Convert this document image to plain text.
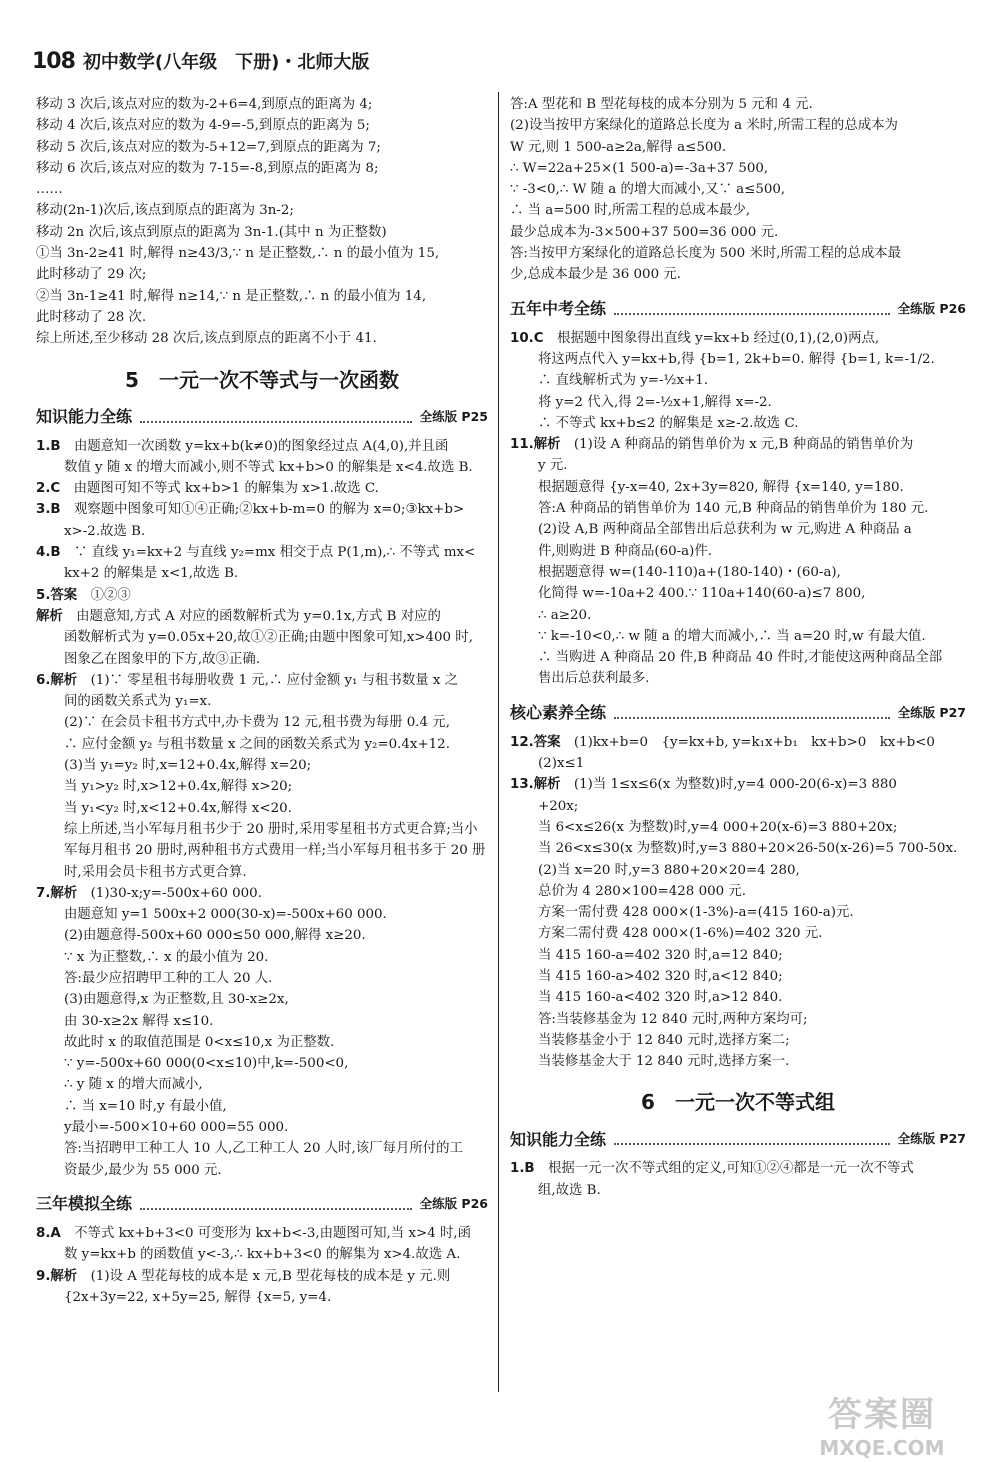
108 初中数学(八年级　下册)・北师大版
移动 3 次后,该点对应的数为-2+6=4,到原点的距离为 4;
移动 4 次后,该点对应的数为 4-9=-5,到原点的距离为 5;
移动 5 次后,该点对应的数为-5+12=7,到原点的距离为 7;
移动 6 次后,该点对应的数为 7-15=-8,到原点的距离为 8;
……
移动(2n-1)次后,该点到原点的距离为 3n-2;
移动 2n 次后,该点到原点的距离为 3n-1.(其中 n 为正整数)
①当 3n-2≥41 时,解得 n≥43/3,∵ n 是正整数,∴ n 的最小值为 15,
此时移动了 29 次;
②当 3n-1≥41 时,解得 n≥14,∵ n 是正整数,∴ n 的最小值为 14,
此时移动了 28 次.
综上所述,至少移动 28 次后,该点到原点的距离不小于 41.
5　一元一次不等式与一次函数
知识能力全练	全练版 P25
1.B　 由题意知一次函数 y=kx+b(k≠0)的图象经过点 A(4,0),并且函
数值 y 随 x 的增大而减小,则不等式 kx+b>0 的解集是 x<4.故选 B.
2.C　 由题图可知不等式 kx+b>1 的解集为 x>1.故选 C.
3.B　 观察题中图象可知①④正确;②kx+b-m=0 的解为 x=0;③kx+b>
x>-2.故选 B.
4.B　 ∵ 直线 y₁=kx+2 与直线 y₂=mx 相交于点 P(1,m),∴ 不等式 mx<
kx+2 的解集是 x<1,故选 B.
5.答案　 ①②③
解析　 由题意知,方式 A 对应的函数解析式为 y=0.1x,方式 B 对应的
函数解析式为 y=0.05x+20,故①②正确;由题中图象可知,x>400 时,
图象乙在图象甲的下方,故③正确.
6.解析　 (1)∵ 零星租书每册收费 1 元,∴ 应付金额 y₁ 与租书数量 x 之
间的函数关系式为 y₁=x.
(2)∵ 在会员卡租书方式中,办卡费为 12 元,租书费为每册 0.4 元,
∴ 应付金额 y₂ 与租书数量 x 之间的函数关系式为 y₂=0.4x+12.
(3)当 y₁=y₂ 时,x=12+0.4x,解得 x=20;
当 y₁>y₂ 时,x>12+0.4x,解得 x>20;
当 y₁<y₂ 时,x<12+0.4x,解得 x<20.
综上所述,当小军每月租书少于 20 册时,采用零星租书方式更合算;当小
军每月租书 20 册时,两种租书方式费用一样;当小军每月租书多于 20 册
时,采用会员卡租书方式更合算.
7.解析　 (1)30-x;y=-500x+60 000.
由题意知 y=1 500x+2 000(30-x)=-500x+60 000.
(2)由题意得-500x+60 000≤50 000,解得 x≥20.
∵ x 为正整数,∴ x 的最小值为 20.
答:最少应招聘甲工种的工人 20 人.
(3)由题意得,x 为正整数,且 30-x≥2x,
由 30-x≥2x 解得 x≤10.
故此时 x 的取值范围是 0<x≤10,x 为正整数.
∵ y=-500x+60 000(0<x≤10)中,k=-500<0,
∴ y 随 x 的增大而减小,
∴ 当 x=10 时,y 有最小值,
y最小=-500×10+60 000=55 000.
答:当招聘甲工种工人 10 人,乙工种工人 20 人时,该厂每月所付的工
资最少,最少为 55 000 元.
三年模拟全练	全练版 P26
8.A　 不等式 kx+b+3<0 可变形为 kx+b<-3,由题图可知,当 x>4 时,函
数 y=kx+b 的函数值 y<-3,∴ kx+b+3<0 的解集为 x>4.故选 A.
9.解析　 (1)设 A 型花每枝的成本是 x 元,B 型花每枝的成本是 y 元.则
{2x+3y=22, x+5y=25, 解得 {x=5, y=4.
答:A 型花和 B 型花每枝的成本分别为 5 元和 4 元.
(2)设当按甲方案绿化的道路总长度为 a 米时,所需工程的总成本为
W 元,则 1 500-a≥2a,解得 a≤500.
∴ W=22a+25×(1 500-a)=-3a+37 500,
∵ -3<0,∴ W 随 a 的增大而减小,又∵ a≤500,
∴ 当 a=500 时,所需工程的总成本最少,
最少总成本为-3×500+37 500=36 000 元.
答:当按甲方案绿化的道路总长度为 500 米时,所需工程的总成本最
少,总成本最少是 36 000 元.
五年中考全练	全练版 P26
10.C　 根据题中图象得出直线 y=kx+b 经过(0,1),(2,0)两点,
将这两点代入 y=kx+b,得 {b=1, 2k+b=0. 解得 {b=1, k=-1/2.
∴ 直线解析式为 y=-½x+1.
将 y=2 代入,得 2=-½x+1,解得 x=-2.
∴ 不等式 kx+b≤2 的解集是 x≥-2.故选 C.
11.解析　 (1)设 A 种商品的销售单价为 x 元,B 种商品的销售单价为
y 元.
根据题意得 {y-x=40, 2x+3y=820, 解得 {x=140, y=180.
答:A 种商品的销售单价为 140 元,B 种商品的销售单价为 180 元.
(2)设 A,B 两种商品全部售出后总获利为 w 元,购进 A 种商品 a
件,则购进 B 种商品(60-a)件.
根据题意得 w=(140-110)a+(180-140)・(60-a),
化简得 w=-10a+2 400.∵ 110a+140(60-a)≤7 800,
∴ a≥20.
∵ k=-10<0,∴ w 随 a 的增大而减小,∴ 当 a=20 时,w 有最大值.
∴ 当购进 A 种商品 20 件,B 种商品 40 件时,才能使这两种商品全部
售出后总获利最多.
核心素养全练	全练版 P27
12.答案　 (1)kx+b=0　{y=kx+b, y=k₁x+b₁　kx+b>0　kx+b<0
(2)x≤1
13.解析　 (1)当 1≤x≤6(x 为整数)时,y=4 000-20(6-x)=3 880
+20x;
当 6<x≤26(x 为整数)时,y=4 000+20(x-6)=3 880+20x;
当 26<x≤30(x 为整数)时,y=3 880+20×26-50(x-26)=5 700-50x.
(2)当 x=20 时,y=3 880+20×20=4 280,
总价为 4 280×100=428 000 元.
方案一需付费 428 000×(1-3%)-a=(415 160-a)元.
方案二需付费 428 000×(1-6%)=402 320 元.
当 415 160-a=402 320 时,a=12 840;
当 415 160-a>402 320 时,a<12 840;
当 415 160-a<402 320 时,a>12 840.
答:当装修基金为 12 840 元时,两种方案均可;
当装修基金小于 12 840 元时,选择方案二;
当装修基金大于 12 840 元时,选择方案一.
6　一元一次不等式组
知识能力全练	全练版 P27
1.B　 根据一元一次不等式组的定义,可知①②④都是一元一次不等式
组,故选 B.
答案圈
MXQE.COM
